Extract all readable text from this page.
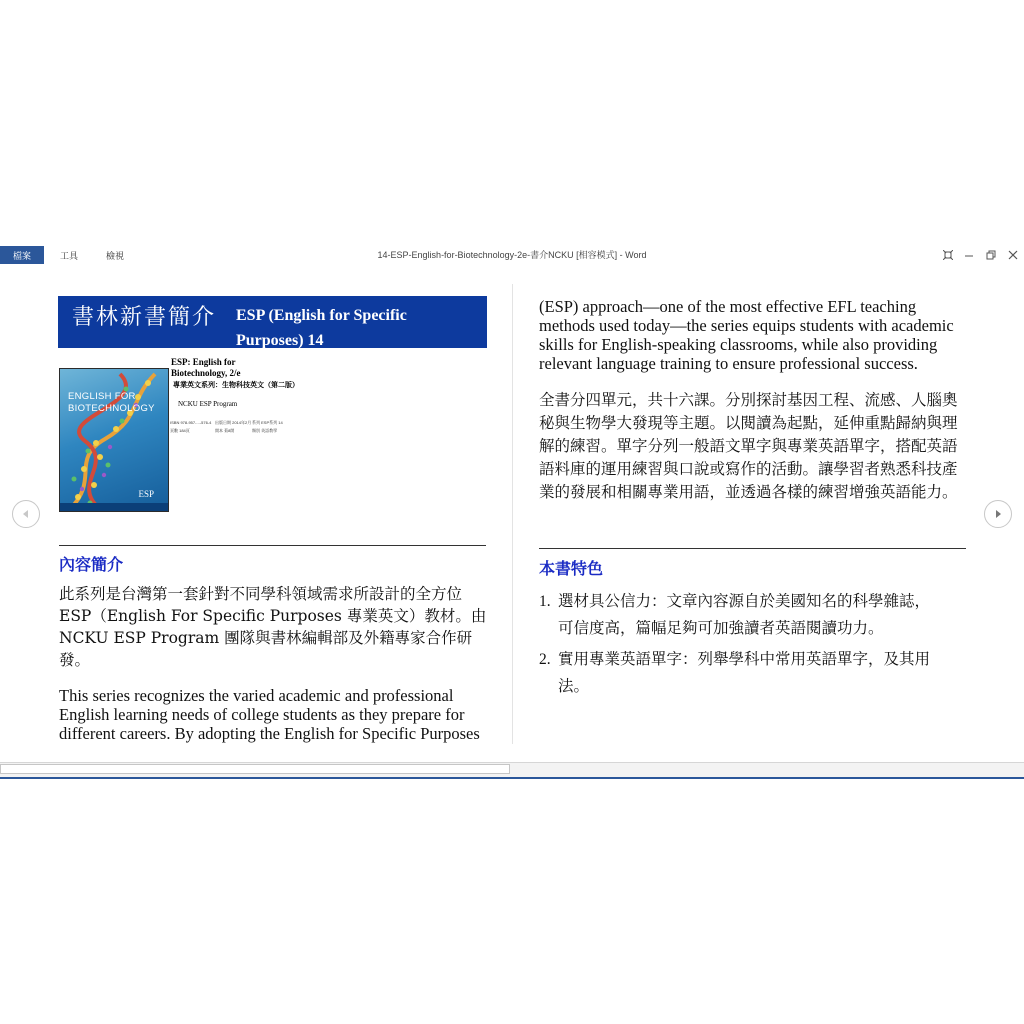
檔案	工具	檢視	14-ESP-English-for-Biotechnology-2e-書介NCKU [相容模式] - Word
書林新書簡介 ESP (English for Specific Purposes) 14
ENGLISH FOR
BIOTECHNOLOGY
ESP
ESP: English for
Biotechnology, 2/e
專業英文系列：生物科技英文（第二版）
NCKU ESP Program
ISBN 978-957-...-576-4 出版日期 2014年2月 系列 ESP系列 14
頁數 184頁	開本 菊8開	類別 英語教學
內容簡介
此系列是台灣第一套針對不同學科領域需求所設計的全方位 ESP（English For Specific Purposes 專業英文）教材。由 NCKU ESP Program 團隊與書林編輯部及外籍專家合作研發。
This series recognizes the varied academic and professional English learning needs of college students as they prepare for different careers. By adopting the English for Specific Purposes
(ESP) approach—one of the most effective EFL teaching methods used today—the series equips students with academic skills for English-speaking classrooms, while also providing relevant language training to ensure professional success.
全書分四單元，共十六課。分別探討基因工程、流感、人腦奧秘與生物學大發現等主題。以閱讀為起點，延伸重點歸納與理解的練習。單字分列一般語文單字與專業英語單字，搭配英語語料庫的運用練習與口說或寫作的活動。讓學習者熟悉科技產業的發展和相關專業用語，並透過各樣的練習增強英語能力。
本書特色
1. 選材具公信力：文章內容源自於美國知名的科學雜誌，
可信度高，篇幅足夠可加強讀者英語閱讀功力。
2. 實用專業英語單字：列舉學科中常用英語單字，及其用
法。
